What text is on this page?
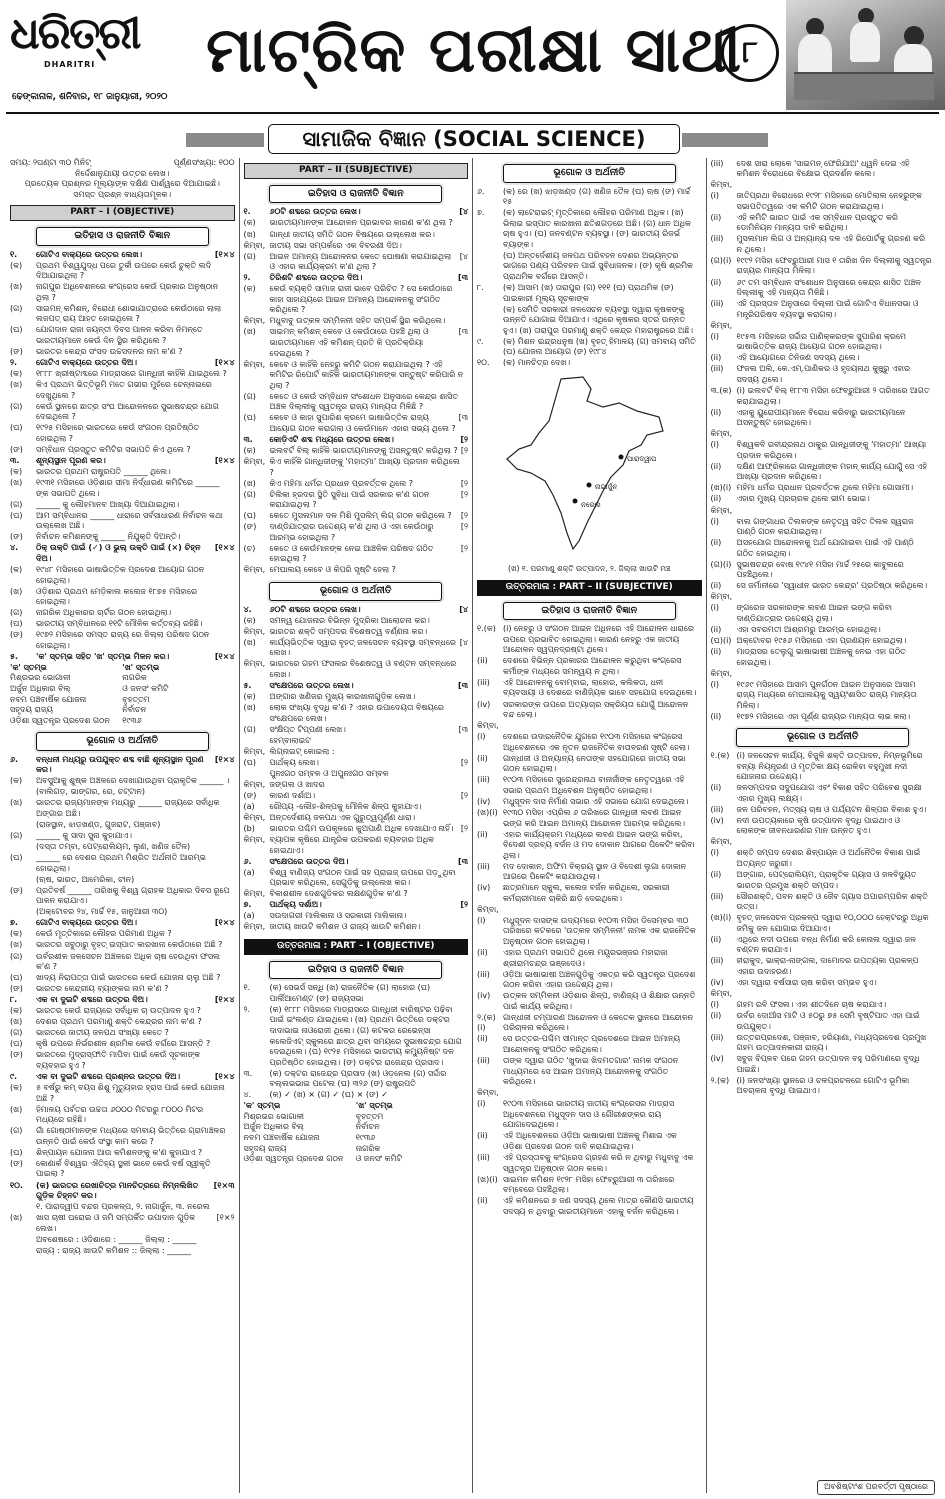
ଧରିତ୍ରୀ
DHARITRI
ଢେଙ୍କାନାଳ, ଶନିବାର, ୧୮ ଜାନୁୟାରୀ, ୨୦୨୦
ମାଟ୍ରିକ ପରୀକ୍ଷା ସାଥୀ ୮
ସାମାଜିକ ବିଜ୍ଞାନ (SOCIAL SCIENCE)
ସମୟ: ୨ଘଣ୍ଟା ୩୦ ମିନିଟ୍	ପୂର୍ଣ୍ଣସଂଖ୍ୟା: ୧୦୦
ନିର୍ଦ୍ଦେଶାନୁଯାୟୀ ଉତ୍ତର ଲେଖ।
ପ୍ରତ୍ୟେକ ପ୍ରଶ୍ନର ମୂଲ୍ୟାଙ୍କ ଦକ୍ଷିଣ ପାର୍ଶ୍ୱରେ ଦିଆଯାଇଛି।
ସମସ୍ତ ପ୍ରଶ୍ନ ବାଧ୍ୟତାମୂଳକ।
PART – I (OBJECTIVE)
ଇତିହାସ ଓ ରାଜନୀତି ବିଜ୍ଞାନ
୧.	ଗୋଟିଏ ବାକ୍ୟରେ ଉତ୍ତର ଲେଖ।	[୧×୪
(କ)	ପ୍ରଥମ ବିଶ୍ୱଯୁଦ୍ଧ ପରେ ତୁର୍କୀ ଉପରେ କେଉଁ ଚୁକ୍ତି ଲଦି ଦିଆଯାଇଥିଲା ?
(ଖ)	ନାଗପୁର ଅଧିବେଶନରେ କଂଗ୍ରେସ କେଉଁ ପ୍ରକାର ଅନୁଷ୍ଠାନ ଥିଲା ?
(ଗ)	ସାଇମନ୍ କମିଶନ୍, ବିରୋଧୀ ଶୋଭାଯାତ୍ରାରେ କେଉଁଠାରେ ଲାଲା ଲଜପତ୍ ରାୟ ଆହତ ହୋଇଥିଲେ ?
(ଘ)	ଯୋଗଦାନ ରାଜା ଜୟନ୍ତୀ ଦିବସ ପାଳନ କରିବା ନିମନ୍ତେ ଭାରତୀୟମାନେ କେଉଁ ଦିନ ସ୍ଥିର କରିଥିଲେ ?
(ଙ)	ଭାରତର କେନ୍ଦ୍ର ସଂସଦ ଉଚ୍ଚସଦନର ନାମ କ'ଣ ?
୨.	ଗୋଟିଏ ବାକ୍ୟରେ ଉତ୍ତର ଦିଅ।	[୧×୪
(କ)	୧୮୮୮ ଖ୍ରୀଷ୍ଟାବ୍ଦରେ ମାଡ୍ରାସରେ ଗାନ୍ଧିଜୀ କାହିଁକି ଯାଇଥିଲେ ?
(ଖ)	କିଏ ପ୍ରଥମ ଭିତ୍ତିଭୂମି ମତେ ଗଭୀର ମୁହଁରେ ଚେନ୍ନାଇରେ ଦେଖୁଥିଲେ ?
(ଗ)	କେଉଁ ସ୍ଥାନରେ ଛାତ୍ର ସଂଘ ଆନ୍ଦୋଳନରେ ସୁଭାଷଚନ୍ଦ୍ର ଯୋଗ ଦେଇଥିଲେ ?
(ଘ)	୧୯୨୫ ମସିହାରେ ଭାରତରେ କେଉଁ ସଂଗଠନ ପ୍ରତିଷ୍ଠିତ ହୋଇଥିଲା ?
(ଙ)	ସମ୍ବିଧାନ ପ୍ରସ୍ତୁତ କମିଟିର ସଭାପତି କିଏ ଥିଲେ ?
୩.	ଶୂନ୍ୟସ୍ଥାନ ପୂରଣ କର।	[୧×୪
(କ)	ଭାରତର ପ୍ରଥମ ରାଷ୍ଟ୍ରପତି ______ ଥିଲେ।
(ଖ)	୧୯୩୧ ମସିହାରେ ଓଡ଼ିଶାର ସୀମା ନିର୍ଦ୍ଧାରଣ କମିଟିରେ ______ ଙ୍କ ସଭାପତି ଥିଲେ।
(ଗ)	______ କୁ ଲୌହମାନବ ଆଖ୍ୟା ଦିଆଯାଇଥିଲା।
(ଘ)	ଆମ ସମ୍ବିଧାନର ______ ଧାରାରେ ସର୍ବସାଧାରଣ ନିର୍ବାଚନ କଥା ଉଲ୍ଲେଖ ଅଛି।
(ଙ)	ନିର୍ବାଚନ କମିଶନଙ୍କୁ ______ ନିଯୁକ୍ତି ଦିଅନ୍ତି।
୪.	ଠିକ୍ ଉକ୍ତି ପାଇଁ (✓) ଓ ଭୁଲ୍ ଉକ୍ତି ପାଇଁ (×) ଚିହ୍ନ ଦିଅ।
[୧×୪
(କ)	୧୯୪୮ ମସିହାରେ ଭାଷାଭିତ୍ତିକ ପ୍ରଦେଶ ଆୟୋଗ ଗଠନ ହୋଇଥିଲା।
(ଖ)	ଓଡ଼ିଶାର ପ୍ରଥମ ମେଡ଼ିକାଲ କଲେଜ ୧୮୭୫ ମସିହାରେ ହୋଇଥିଲା।
(ଗ)	ନାଗରିକ ଅଧିକାରର ଚାର୍ଟର ଗଠନ ହୋଇଥିଲା।
(ଘ)	ଭାରତୀୟ ସମ୍ବିଧାନରେ ୧୧ଟି ମୌଳିକ କର୍ତ୍ତବ୍ୟ ରହିଛି।
(ଙ)	୧୯୭୨ ମସିହାରେ ସମସ୍ତ ରାଜ୍ୟ ରେ ଜିଲ୍ଲା ପରିଷଦ ଗଠନ ହୋଇଥିଲା।
୫.	'କ' ସ୍ତମ୍ଭ ସହିତ 'ଖ' ସ୍ତମ୍ଭ ମିଳନ କର।	[୧×୪
'କ' ସ୍ତମ୍ଭ	'ଖ' ସ୍ତମ୍ଭ
ମିଶ୍ରଭର ଭୋଗାଳୀ	ନାଗରିକ
ଅର୍ଜୁନ ଅଧିକାର ବିଲ୍	ଓ ଜନସଂ କମିଟି
ନବମ ପଞ୍ଚବାର୍ଷିକ ଯୋଜନା	ବୃହତ୍ତମ
ସହୃଦୟ ରାଜ୍ୟ	ନିର୍ବାଚନ
ଓଡ଼ିଶା ସ୍ୱତନ୍ତ୍ର ପ୍ରଦେଶ ଗଠନ	୧୯୩୬
ଭୂଗୋଳ ଓ ଅର୍ଥନୀତି
୬.	ବନ୍ଧନୀ ମଧ୍ୟରୁ ଉପଯୁକ୍ତ ଶବ୍ଦ ବାଛି ଶୂନ୍ୟସ୍ଥାନ ପୂରଣ କର।
[୧×୪
(କ)	ଅବସୁଆକୁ ଶୁଷ୍କ ଅଞ୍ଚଳରେ ଦେଖାଯାଉଥିବା ପ୍ରାକୃତିକ ______ ।
(ବାଲିଗଡ଼, ଭାଙ୍ଗର, ରେ, ଚଟ୍ଟାନ)
(ଖ)	ଭାରତର ରାଜ୍ୟମାନଙ୍କ ମଧ୍ୟରୁ ______ ରାଜ୍ୟରେ ସର୍ବାଧିକ ଅଙ୍ଗାର ଅଛି।
(ରାଜସ୍ଥାନ, ଝାଡ଼ଖଣ୍ଡ, ଗୁଜରାଟ, ପଞ୍ଜାବ)
(ଗ)	______ କୁ ସାଦା ସୁନା କୁହାଯାଏ।
(ଦସ୍ତା ତମ୍ବା, ପେଟ୍ରୋଲିୟମ, ଲୁଣ, ଖଣିଜ ତୈଳ)
(ଘ)	______ ରେ ଦେଶର ପ୍ରଥମ ମିଶ୍ରିତ ଅର୍ଥନୀତି ଆରମ୍ଭ ହୋଇଥିଲା।
(ଋଷ, ଭାରତ, ଆମେରିକା, ଚୀନ)
(ଙ)	ପ୍ରତିବର୍ଷ ______ ତାରିଖକୁ ବିଶ୍ୱ ଗ୍ରାହକ ଅଧିକାର ଦିବସ ରୂପେ ପାଳନ କରାଯାଏ।
(ଅକ୍ଟୋବର ୨୪, ମାର୍ଚ୍ଚ ୧୫, ଜାନୁଆରୀ ୩୦)
୭.	ଗୋଟିଏ ବାକ୍ୟରେ ଉତ୍ତର ଦିଅ।	[୧×୪
(କ)	କେଉଁ ମୃତ୍ତିକାରେ ଲୌହର ପରିମାଣ ଅଧିକ ?
(ଖ)	ଭାରତର ସବୁଠାରୁ ବୃହତ୍ ଇସ୍ପାତ କାରଖାନା କେଉଁଠାରେ ଅଛି ?
(ଗ)	ଉର୍ବରଶୀଳ ଜଳସେଚନ ଅଞ୍ଚଳରେ ଅଧିକ ଚାଷ ହେଉଥିବା ଫସଲ କ'ଣ ?
(ଘ)	ଖାଦ୍ୟ ନିରାପତ୍ତା ପାଇଁ ଭାରତରେ କେଉଁ ଯୋଜନା ଚାଲୁ ଅଛି ?
(ଙ)	ଭାରତର କେନ୍ଦ୍ରୀୟ ବ୍ୟାଙ୍କର ନାମ କ'ଣ ?
୮.	ଏକ ବା ଦୁଇଟି ଶବ୍ଦରେ ଉତ୍ତର ଦିଅ।	[୧×୪
(କ)	ଭାରତର କେଉଁ ରାଜ୍ୟରେ ସର୍ବାଧିକ ଚା ଉତ୍ପାଦନ ହୁଏ ?
(ଖ)	ଦେଶର ପ୍ରଥମ ପରମାଣୁ ଶକ୍ତି କେନ୍ଦ୍ରର ନାମ କ'ଣ ?
(ଗ)	ଭାରତରେ ଜାତୀୟ ଜଳପଥ ସଂଖ୍ୟା କେତେ ?
(ଘ)	କୃଷି ଉପରେ ନିର୍ଭରଶୀଳ ଶ୍ରମିକ କେଉଁ ବର୍ଗରେ ଆସନ୍ତି ?
(ଙ)	ଭାରତରେ ମୁଦ୍ରାସ୍ଫୀତି ମାପିବା ପାଇଁ କେଉଁ ସୂଚକାଙ୍କ ବ୍ୟବହାର ହୁଏ ?
୯.	ଏକ ବା ଦୁଇଟି ଶବ୍ଦରେ ପ୍ରଶ୍ନର ଉତ୍ତର ଦିଅ।	[୧×୪
(କ)	୫ ବର୍ଷରୁ କମ୍ ବୟସ ଶିଶୁ ମୃତ୍ୟୁହାର ହ୍ରାସ ପାଇଁ କେଉଁ ଯୋଜନା ଅଛି ?
(ଖ)	ହିମାଳୟ ପର୍ବତର ଉଚ୍ଚତା ୬୦୦୦ ମିଟରରୁ ୮୦୦୦ ମିଟର ମଧ୍ୟରେ ରହିଛି।
(ଗ)	ଗାଁ ଗୋଷ୍ଠୀମାନଙ୍କ ମଧ୍ୟରେ ସମବାୟ ଭିତ୍ତିରେ ଗ୍ରାମାଞ୍ଚଳର ଉନ୍ନତି ପାଇଁ କେଉଁ ସଂସ୍ଥା କାମ କରେ ?
(ଘ)	ଶିଳ୍ପାୟନ ଯୋଜନା ଆଉ କମିଶନଙ୍କୁ କ'ଣ କୁହାଯାଏ ?
(ଙ)	କୋଣାର୍କ ବିଶ୍ୱର ଐତିହ୍ୟ ସ୍ଥଳୀ ଭାବେ କେଉଁ ବର୍ଷ ସ୍ୱୀକୃତି ପାଇଲା ?
୧୦.	(କ) ଭାରତର ରେଖାଚିତ୍ର ମାନଚିତ୍ରରେ ନିମ୍ନଲିଖିତ ଗୁଡ଼ିକ ଚିହ୍ନଟ କର।
[୧×୩
୧. ପାରାଦ୍ୱୀପ ବନ୍ଦର ପ୍ରକଳ୍ପ, ୨. ନାଗାର୍ଜୁନ, ୩. ନରେଲ
(ଖ)	ଖାସ ଚାଷୀ ଘରୋଇ ଓ ଜମି ସମ୍ପର୍କିତ ଉପାଦାନ ଗୁଡ଼ିକ ଲେଖ।
[୧×୨
ଅବଶେଷରେ : ଓଡ଼ିଶାରେ : ______ ଜିଲ୍ଲା : ______
ରାଜ୍ୟ : ରାଜ୍ୟ ଖାଉଟି କମିଶନ :: ଜିଲ୍ଲା : ______
PART – II (SUBJECTIVE)
ଇତିହାସ ଓ ରାଜନୀତି ବିଜ୍ଞାନ
୧.	୬୦ଟି ଶବ୍ଦରେ ଉତ୍ତର ଲେଖ।	[୪
(କ)	ଭାରତୀୟମାନଙ୍କ ଆନ୍ଦୋଳନ ପ୍ରଭାବର କାରଣ କ'ଣ ଥିଲା ?
(ଖ)	ଗାନ୍ଧୀ ଜାତୀୟ ସମିତି ଗଠନ ବିଷୟରେ ଉଲ୍ଲେଖ କର।
କିମ୍ବା, ଜାତୀୟ ସଭା ସମ୍ପର୍କରେ ଏକ ବିବରଣୀ ଦିଅ।
(ଗ)	ଆଇନ ଅମାନ୍ୟ ଆନ୍ଦୋଳନର କେତେ ଘୋଷଣା କରାଯାଇଥିଲା ଓ ଏହାର କାର୍ଯ୍ୟକ୍ରମ କ'ଣ ଥିଲା ?
[୪
୨.	ତିରିଶଟି ଶବ୍ଦରେ ଉତ୍ତର ଦିଅ।	[୩
(କ)	କେଉଁ ବ୍ୟକ୍ତି ସାମାଜ ରାଜୀ ଭାବେ ପରିଚିତ ? ସେ କେଉଁଠାରେ କାହା ସାହାଯ୍ୟରେ ଆଇନ ଅମାନ୍ୟ ଆନ୍ଦୋଳନକୁ ସଂଗଠିତ କରିଥିଲେ ?
କିମ୍ବା, ମଧୁବାବୁ ଉତ୍କଳ ସମ୍ମିଳନୀ ସହିତ ସମ୍ପର୍କ ସ୍ଥିର କରିଥିଲେ।
(ଖ)	ସାଇମନ୍ କମିଶନ୍ କେବେ ଓ କେଉଁଠାରେ ପହଞ୍ଚି ଥିଲା ଓ ଭାରତୀୟମାନେ ଏହି କମିଶନ୍ ପ୍ରତି କି ପ୍ରତିକ୍ରିୟା ଦେଇଥିଲେ ?
[୩
କିମ୍ବା, କେବେ ଓ କାହିଁକି ନେହରୁ କମିଟି ଗଠନ କରାଯାଇଥିଲା ? ଏହି କମିଟିର ରିପୋର୍ଟ କାହିଁକି ଭାରତୀୟମାନଙ୍କ ସନ୍ତୁଷ୍ଟ କରିପାରି ନ ଥିଲା ?
(ଗ)	କେତେ ଓ କେଉଁ ସମ୍ବିଧାନ ସଂଶୋଧନ ଅନୁସାରେ କେନ୍ଦ୍ର ଶାସିତ ଅଞ୍ଚଳ ଦିଲ୍ଲୀକୁ ସ୍ୱତନ୍ତ୍ର ରାଜ୍ୟ ମାନ୍ୟତା ମିଳିଛି ?
(ଘ)	କେବେ ଓ କାହା ସୁପାରିଶ କ୍ରମେ ଭାଷାଭିତ୍ତିକ ରାଜ୍ୟ ଆୟୋଗ ଗଠନ କରାଗଲା ଓ କେଉଁମାନେ ଏହାର ସଭ୍ୟ ଥିଲେ ?
[୩
୩.	କୋଡ଼ିଏଟି ଶବ୍ଦ ମଧ୍ୟରେ ଉତ୍ତର ଲେଖ।	[୨
(କ)	ଇଲବର୍ଟ ବିଲ୍ କାହିଁକି ଭାରତୀୟମାନଙ୍କୁ ଅସନ୍ତୁଷ୍ଟ କରିଥିଲା ? [୨
କିମ୍ବା, କିଏ କାହିଁକି ଗାନ୍ଧିଜୀଙ୍କୁ 'ମହାତ୍ମା' ଆଖ୍ୟା ପ୍ରଦାନ କରିଥିଲେ ?
(ଖ)	କିଏ ମହିମା ଧର୍ମର ପ୍ରଧାନ ପ୍ରବର୍ତ୍ତକ ଥିଲେ ?	[୨
(ଗ)	ଚିଲିକା ହ୍ରଦର ସ୍ଥିତି ସୁବିଧା ପାଇଁ ସରକାର କ'ଣ ଗଠନ କରାଯାଇଥିଲା ?
[୨
(ଘ)	କେତେ ମୁସଲମାନ ଦଳ ମିଶି ମୁସଲିମ୍ ଲିଗ୍ ଗଠନ କରିଥିଲେ ?	[୨
(ଙ)	ଦାଣ୍ଡିଯାତ୍ରାର ଉଦ୍ଦେଶ୍ୟ କ'ଣ ଥିଲା ଓ ଏହା କେଉଁଠାରୁ ଆରମ୍ଭ ହୋଇଥିଲା ?
[୨
(ଚ)	କେତେ ଓ କେଉଁମାନଙ୍କ ନେଇ ଆଞ୍ଚଳିକ ପରିଷଦ ଗଠିତ ହୋଇଥିଲା ?
[୨
କିମ୍ବା, ମେଘାଲୟ କେବେ ଓ କିପରି ସୃଷ୍ଟି ହେଲା ?
ଭୂଗୋଳ ଓ ଅର୍ଥନୀତି
୪.	୬୦ଟି ଶବ୍ଦରେ ଉତ୍ତର ଲେଖ।	[୪
(କ)	ସମନ୍ୱ ଯୋଜନାର ବିଭିନ୍ନ ମୁଦ୍ରିକା ଆଲୋଚନା କର।
କିମ୍ବା, ଭାରତର ଶକ୍ତି ସମ୍ପଦର ବିଶେଷତ୍ୱ ବର୍ଣ୍ଣନା କର।
(ଖ)	କାର୍ଯ୍ୟଭିତ୍ତିକ ଦ୍ୱାରା ବୃହତ୍ ଜଳସେଚନ ବ୍ୟବସ୍ଥା ସମ୍ବନ୍ଧରେ ଲେଖ।
[୪
କିମ୍ବା, ଭାରତରେ ଗହମ ଫସଲର ବିଶେଷତ୍ୱ ଓ ବଣ୍ଟନ ସମ୍ବନ୍ଧରେ ଲେଖ।
୫.	ସଂକ୍ଷେପରେ ଉତ୍ତର ଲେଖ।	[୩
(କ)	ଅଙ୍ଗାର ଖଣିଜର ମୁଖ୍ୟ କାରଖାନାଗୁଡ଼ିକ ଲେଖ।
(ଖ)	ଲୋକ ସଂଖ୍ୟା ବୃଦ୍ଧି କ'ଣ ? ଏହାର ଉପାଦେୟତା ବିଷୟରେ ସଂକ୍ଷେପରେ ଲେଖ।
(ଗ)	ସଂକ୍ଷିପ୍ତ ଟିପ୍ପଣୀ ଲେଖ।	[୩
ହେମ୍ବାଲାଇଟ
କିମ୍ବା, ଲିଗ୍ନାଇଟ୍ କୋଇଲା :
(ଘ)	ପାର୍ଥକ୍ୟ ଲେଖ।	[୨
ପୁନଃଗଠ ସମ୍ବଳ ଓ ଅପୁନଃଗଠ ସମ୍ବଳ
କିମ୍ବା, ଜଙ୍ଗଲ ଓ ଖାଦର
(ଙ)	କାରଣ ଦର୍ଶାଅ।	[୨
(a)	ରୌପ୍ୟ -ଲୌହ-ଶିଳ୍ପକୁ ମୌଳିକ ଶିଳ୍ପ କୁହାଯାଏ।
କିମ୍ବା, ଅନ୍ତର୍ଦେଶୀୟ ଜଳପଥ ଏକ ଗୁରୁତ୍ୱପୂର୍ଣ୍ଣ ଧାରା।
(b)	ଭାରତର ପଶ୍ଚିମ ଉପକୂଳରେ କୁଅପାଣି ଅଧିକ ଦେଖାଯାଏ ନାହିଁ। [୨
କିମ୍ବା, ବ୍ୟାପକ କୃଷିରେ ଯାନ୍ତ୍ରିକ ଉପକରଣ ବ୍ୟବହାର ଅଧିକ ହୋଇଥାଏ।
୬.	ସଂକ୍ଷେପରେ ଉତ୍ତର ଦିଅ।	[୩
(a)	ବିଶ୍ୱ ବାଣିଜ୍ୟ ସଂଗଠନ ପାଇଁ ସହ ପ୍ରାଇଜ୍ ଉପରେ ପଡ଼ୁଥିବା ପ୍ରଭାବ କରିଥିଲେ, ସେଗୁଡ଼ିକୁ ଉଲ୍ଲେଖ କର।
କିମ୍ବା, ବିକାଶଶୀଳ ଦେଶଗୁଡ଼ିକର ଲକ୍ଷଣଗୁଡ଼ିକ କ'ଣ ?
୭.	ପାର୍ଥକ୍ୟ ଦର୍ଶାଅ।	[୨
(a)	ସଉଦାଗରୀ ମାଲିକାନା ଓ ସରକାରୀ ମାଲିକାନା।
କିମ୍ବା, ଜାତୀୟ ଖାଉଟି କମିଶନ ଓ ରାଜ୍ୟ ଖାଉଟି କମିଶନ।
ଉତ୍ତରମାଳା : PART – I (OBJECTIVE)
ଇତିହାସ ଓ ରାଜନୀତି ବିଜ୍ଞାନ
୧.	(କ) ସେଭର୍ସ ସନ୍ଧି (ଖ) ରାଜନୈତିକ (ଗ) ଲାହୋର (ଘ) ପାର୍ଲିଆମେଣ୍ଟ (ଙ) ରାଜ୍ୟସଭା
୨.	(କ) ୧୮୮୮ ମସିହାରେ ମାଡ୍ରାସରେ ଗାନ୍ଧିଜୀ ବାରିଷ୍ଟର ପଢ଼ିବା ପାଇଁ ଇଂଲଣ୍ଡ ଯାଇଥିଲେ। (ଖ) ପ୍ରଥମ ଭିତ୍ତିରେ ଡକ୍ଟର ଦାଦାଭାଇ ନାଓରୋଜୀ ଥିଲେ। (ଗ) କଟକର ରେଭେନ୍ସା କଲେଜିଏଟ୍ ସ୍କୁଲରେ ଛାତ୍ର ଥିବା ସମୟରେ ସୁଭାଷଚନ୍ଦ୍ର ଯୋଗ ଦେଇଥିଲେ। (ଘ) ୧୯୨୫ ମସିହାରେ ଭାରତୀୟ କମ୍ୟୁନିଷ୍ଟ ଦଳ ପ୍ରତିଷ୍ଠିତ ହୋଇଥିଲା। (ଙ) ଡକ୍ଟର ରାଜେନ୍ଦ୍ର ପ୍ରସାଦ।
୩.	(କ) ଡକ୍ଟର ରାଜେନ୍ଦ୍ର ପ୍ରସାଦ (ଖ) ଓଡ଼ନେଲ (ଗ) ସର୍ଦ୍ଦାର ବଲ୍ଲଭଭାଇ ପଟେଲ (ଘ) ୩୨୬ (ଙ) ରାଷ୍ଟ୍ରପତି
୪.	(କ) ✓ (ଖ) × (ଗ) ✓ (ଘ) × (ଙ) ✓
'କ' ସ୍ତମ୍ଭ	'ଖ' ସ୍ତମ୍ଭ
ମିଶ୍ରଭର ଭୋଗାଳୀ	ବୃହତ୍ତମ
ଅର୍ଜୁନ ଅଧିକାର ବିଲ୍	ନିର୍ବାଚନ
ନବମ ପଞ୍ଚବାର୍ଷିକ ଯୋଜନା	୧୯୩୬
ସହୃଦୟ ରାଜ୍ୟ	ନାଗରିକ
ଓଡ଼ିଶା ସ୍ୱତନ୍ତ୍ର ପ୍ରଦେଶ ଗଠନ	ଓ ଜନସଂ କମିଟି
ଭୂଗୋଳ ଓ ଅର୍ଥନୀତି
୬.	(କ) ରେ (ଖ) ଝାଡ଼ଖଣ୍ଡ (ଗ) ଖଣିଜ ତୈଳ (ଘ) ଋଷ (ଙ) ମାର୍ଚ୍ଚ ୧୫
୭.	(କ) ଲାଟେରାଇଟ୍ ମୃତ୍ତିକାରେ ଲୌହର ପରିମାଣ ଅଧିକ। (ଖ) ଭିଲାଇ ଇସ୍ପାତ କାରଖାନା ଛତିଶଗଡ଼ରେ ଅଛି। (ଗ) ଧାନ ଅଧିକ ଚାଷ ହୁଏ। (ଘ) ଜନବଣ୍ଟନ ବ୍ୟବସ୍ଥା। (ଙ) ଭାରତୀୟ ରିଜର୍ଭ ବ୍ୟାଙ୍କ।
(ଘ) ଅନ୍ତର୍ଦେଶୀୟ ଜଳପଥ ପରିବହନ ଦେଶର ଅଭ୍ୟନ୍ତର ଭାଗରେ ପଣ୍ୟ ପରିବହନ ପାଇଁ ସୁବିଧାଜନକ। (ଙ) କୃଷି ଶ୍ରମିକ ପ୍ରାଥମିକ ବର୍ଗରେ ଆସନ୍ତି।
୮.	(କ) ଆସାମ (ଖ) ତାରାପୁର (ଗ) ୧୧୧ (ଘ) ପ୍ରାଥମିକ (ଙ) ପାଇକାରୀ ମୂଲ୍ୟ ସୂଚକାଙ୍କ
(କ) ସେମିତି ସରକାରୀ ଜଳସେଚନ ବ୍ୟବସ୍ଥା ଦ୍ୱାରା କୃଷକଙ୍କୁ ଉନ୍ନତି ଯୋଗାଇ ଦିଆଯାଏ। ଏଥିରେ କୃଷକର ସ୍ତର ଉନ୍ନତ ହୁଏ। (ଖ) ତାରାପୁର ପରମାଣୁ ଶକ୍ତି କେନ୍ଦ୍ର ମହାରାଷ୍ଟ୍ରରେ ଅଛି।
୯.	(କ) ମିଶନ ଇନ୍ଦ୍ରଧନୁଷ (ଖ) ବୃହତ୍ ହିମାଳୟ (ଗ) ସମବାୟ ସମିତି (ଘ) ଯୋଜନା ଆୟୋଗ (ଙ) ୧୯୮୪
୧୦.	(କ) ମାନଚିତ୍ର ଦେଖ।
ନାଗାର୍ଜୁନ
ପାରାଦ୍ୱୀପ
ନରେଲ
(ଖ) ୧. ପରମାଣୁ ଶକ୍ତି ଉତ୍ପାଦନ, ୨. ଜିଲ୍ଲା ଖାଉଟି ମଞ୍ଚ
ଉତ୍ତରମାଳା : PART – II (SUBJECTIVE)
ଇତିହାସ ଓ ରାଜନୀତି ବିଜ୍ଞାନ
୧.(କ) (i) ନେହରୁ ଓ ସଂଗଠନ ଆଇନ ଅଧିନରେ ଏହି ଆନ୍ଦୋଳନ ଧାରାରେ ଉପରେ ପ୍ରଭାବିତ ହୋଇଥିଲା। କାରଣ ନେହରୁ ଏକ ଜାତୀୟ ଆନ୍ଦୋଳନ ସ୍ୱପ୍ନଦ୍ରଷ୍ଟା ଥିଲେ।
(ii)	ଦେଶରେ ବିଭିନ୍ନ ପ୍ରକାରର ଆନ୍ଦୋଳନ କରୁଥିବା କଂଗ୍ରେସ କର୍ମୀଙ୍କ ମଧ୍ୟରେ ସମନ୍ୱୟ ନ ଥିଲା।
(iii)	ଏହି ଆନ୍ଦୋଳନକୁ ବୋମ୍ବାଇ, ଲାହୋର, କଲିକତା, ଧନୀ ବ୍ୟବସାୟୀ ଓ ଦେଶରେ ବାଣିଜ୍ୟିକ ଭାବେ ସହଯୋଗ ଦେଇଥିଲେ।
(iv)	ସରକାରଙ୍କ ଉପରେ ଅତ୍ୟାଚାର ସକ୍ରିୟତା ଯୋଗୁଁ ଆନ୍ଦୋଳନ ବନ୍ଦ ହେଲା।
କିମ୍ବା,
(i)	ଦେଶରେ ଉଦାରନୈତିକ ଯୁଗରେ ୧୯୦୩ ମସିହାରେ କଂଗ୍ରେସ ଅଧିବେଶନରେ ଏକ ନୂତନ ରାଜନୈତିକ ବାତାବରଣ ସୃଷ୍ଟି ହେଲା।
(ii)	ଗାନ୍ଧୀଜୀ ଓ ଅନ୍ୟାନ୍ୟ ନେତାଙ୍କ ସହଯୋଗରେ ଜାତୀୟ ସଭା ଗଠନ ହୋଇଥିଲା।
(iii)	୧୯୦୩ ମସିହାରେ ସୁରେନ୍ଦ୍ରନାଥ ବାନାର୍ଜୀଙ୍କ ନେତୃତ୍ୱରେ ଏହି ସଭାର ପ୍ରଥମ ଅଧିବେଶନ ଅନୁଷ୍ଠିତ ହୋଇଥିଲା।
(iv)	ମଧୁସୂଦନ ଦାସ ନିର୍ମାଣ ସଭାର ଏହି ସଭାରେ ଯୋଗ ଦେଇଥିଲେ।
(ଖ)(i) ୧୯୩୦ ମସିହା ଏପ୍ରିଲ ୬ ତାରିଖରେ ଗାନ୍ଧିଜୀ ଲବଣ ଆଇନ ଭଙ୍ଗ କରି ଆଇନ ଅମାନ୍ୟ ଆନ୍ଦୋଳନ ଆରମ୍ଭ କରିଥିଲେ।
(ii)	ଏହାର କାର୍ଯ୍ୟକ୍ରମ ମଧ୍ୟରେ ଲବଣ ଆଇନ ଭଙ୍ଗ କରିବା, ବିଦେଶୀ ଦ୍ରବ୍ୟ ବର୍ଜନ ଓ ମଦ ଦୋକାନ ଆଗରେ ପିକେଟିଂ କରିବା ଥିଲା।
(iii)	ମଦ ଦୋକାନ, ଅଫିମ ବିକ୍ରୟ ସ୍ଥାନ ଓ ବିଦେଶୀ ଲୁଗା ଦୋକାନ ଆଗରେ ପିକେଟିଂ କରାଯାଉଥିଲା।
(iv)	ଛାତ୍ରମାନେ ସ୍କୁଲ, କଲେଜ ବର୍ଜନ କରିଥିଲେ, ସରକାରୀ କର୍ମଚାରୀମାନେ ଚାକିରି ଛାଡ଼ି ଦେଇଥିଲେ।
କିମ୍ବା,
(i)	ମଧୁସୂଦନ ଦାସଙ୍କ ଉଦ୍ୟମରେ ୧୯୦୩ ମସିହା ଡିସେମ୍ବର ୩୦ ତାରିଖରେ କଟକରେ 'ଉତ୍କଳ ସମ୍ମିଳନୀ' ନାମକ ଏକ ରାଜନୈତିକ ଅନୁଷ୍ଠାନ ଗଠନ ହୋଇଥିଲା।
(ii)	ଏହାର ପ୍ରଥମ ସଭାପତି ଥିଲେ ମୟୂରଭଞ୍ଜର ମହାରାଜା ଶ୍ରୀରାମଚନ୍ଦ୍ର ଭଞ୍ଜଦେଓ।
(iii)	ଓଡ଼ିଆ ଭାଷାଭାଷୀ ଅଞ୍ଚଳଗୁଡ଼ିକୁ ଏକତ୍ର କରି ସ୍ୱତନ୍ତ୍ର ପ୍ରଦେଶ ଗଠନ କରିବା ଏହାର ଉଦ୍ଦେଶ୍ୟ ଥିଲା।
(iv)	ଉତ୍କଳ ସମ୍ମିଳନୀ ଓଡ଼ିଶାର ଶିଳ୍ପ, ବାଣିଜ୍ୟ ଓ ଶିକ୍ଷାର ଉନ୍ନତି ପାଇଁ କାର୍ଯ୍ୟ କରିଥିଲା।
୨.(କ)(i)
ଗାନ୍ଧୀଜୀ ଚମ୍ପାରଣ ଆନ୍ଦୋଳନ ଓ କେତେକ ସ୍ଥାନରେ ଆନ୍ଦୋଳନ ପରିଚାଳନା କରିଥିଲେ।
(ii)	ସେ ଉତ୍ତର-ପଶ୍ଚିମ ସୀମାନ୍ତ ପ୍ରଦେଶରେ ଆଇନ ଅମାନ୍ୟ ଆନ୍ଦୋଳନକୁ ସଂଗଠିତ କରିଥିଲେ।
(iii)	ତାଙ୍କ ଦ୍ୱାରା ଗଠିତ 'ଖୁଦାଇ ଖିଦମତଗାର' ନାମକ ସଂଗଠନ ମାଧ୍ୟମରେ ସେ ଆଇନ ଅମାନ୍ୟ ଆନ୍ଦୋଳନକୁ ସଂଗଠିତ କରିଥିଲେ।
କିମ୍ବା,
(i)	୧୯୦୩ ମସିହାରେ ଭାରତୀୟ ଜାତୀୟ କଂଗ୍ରେସର ମାଡ୍ରାସ ଅଧିବେଶନରେ ମଧୁସୂଦନ ଦାସ ଓ ଗୌରୀଶଙ୍କର ରାୟ ଯୋଗଦେଇଥିଲେ।
(ii)	ଏହି ଅଧିବେଶନରେ ଓଡ଼ିଆ ଭାଷାଭାଷୀ ଅଞ୍ଚଳକୁ ମିଶାଇ ଏକ ଓଡ଼ିଶା ପ୍ରଦେଶ ଗଠନ ଦାବି କରାଯାଇଥିଲା।
(iii)	ଏହି ପ୍ରସ୍ତାବକୁ କଂଗ୍ରେସ ଗ୍ରହଣ କରି ନ ଥିବାରୁ ମଧୁବାବୁ ଏକ ସ୍ୱତନ୍ତ୍ର ଅନୁଷ୍ଠାନ ଗଠନ କଲେ।
(ଖ)(i) ସାଇମନ କମିଶନ ୧୯୨୮ ମସିହା ଫେବ୍ରୁଆରୀ ୩ ତାରିଖରେ ବମ୍ବେରେ ପହଞ୍ଚିଥିଲା।
(ii)	ଏହି କମିଶନରେ ୭ ଜଣ ସଦସ୍ୟ ଥିଲେ ମାତ୍ର କୌଣସି ଭାରତୀୟ ସଦସ୍ୟ ନ ଥିବାରୁ ଭାରତୀୟମାନେ ଏହାକୁ ବର୍ଜନ କରିଥିଲେ।
(iii)	ଦେଶ ସାରା ଲୋକେ 'ସାଇମନ୍ ଫେରିଯାଅ' ଧ୍ୱନି ଦେଇ ଏହି କମିଶନ ବିରୋଧରେ ବିକ୍ଷୋଭ ପ୍ରଦର୍ଶନ କଲେ।
କିମ୍ବା,
(i)	ଜାତିପ୍ରଥା ବିରୋଧରେ ୧୯୨୮ ମସିହାରେ ମୋତିଲାଲ ନେହରୁଙ୍କ ସଭାପତିତ୍ୱରେ ଏକ କମିଟି ଗଠନ କରାଯାଇଥିଲା।
(ii)	ଏହି କମିଟି ଭାରତ ପାଇଁ ଏକ ସମ୍ବିଧାନ ପ୍ରସ୍ତୁତ କରି ଡୋମିନିୟନ ମାନ୍ୟତା ଦାବି କରିଥିଲା।
(iii)	ମୁସଲମାନ ଲିଗ ଓ ଅନ୍ୟାନ୍ୟ ଦଳ ଏହି ରିପୋର୍ଟକୁ ଗ୍ରହଣ କରି ନ ଥିଲେ।
(ଗ)(i) ୧୯୯୨ ମସିହା ଫେବ୍ରୁଆରୀ ମାସ ୧ ତାରିଖ ଦିନ ଦିଲ୍ଲୀକୁ ସ୍ୱତନ୍ତ୍ର ରାଜ୍ୟର ମାନ୍ୟତା ମିଳିଲା।
(ii)	୬୯ ତମ ସମ୍ବିଧାନ ସଂଶୋଧନ ଅନୁସାରେ କେନ୍ଦ୍ର ଶାସିତ ଅଞ୍ଚଳ ଦିଲ୍ଲୀକୁ ଏହି ମାନ୍ୟତା ମିଳିଛି।
(iii)	ଏହି ପ୍ରସ୍ତାବ ଅନୁସାରେ ଦିଲ୍ଲୀ ପାଇଁ ଗୋଟିଏ ବିଧାନସଭା ଓ ମନ୍ତ୍ରିପରିଷଦ ବ୍ୟବସ୍ଥା କରାଗଲା।
କିମ୍ବା,
(i)	୧୯୫୩ ମସିହାରେ ସର୍ଦ୍ଦାର ପାଣିକ୍କରଙ୍କ ସୁପାରିଶ କ୍ରମେ ଭାଷାଭିତ୍ତିକ ରାଜ୍ୟ ଆୟୋଗ ଗଠନ ହୋଇଥିଲା।
(ii)	ଏହି ଆୟୋଗରେ ତିନିଜଣ ସଦସ୍ୟ ଥିଲେ।
(iii)	ଫଜଲ ଅଲି, କେ.ଏମ୍.ପାଣିକର ଓ ହୃଦୟନାଥ କୁଞ୍ଜ୍ରୁ ଏହାର ସଦସ୍ୟ ଥିଲେ।
୩.(କ) (i) ଇଲବର୍ଟ ବିଲ୍ ୧୮୮୩ ମସିହା ଫେବ୍ରୁଆରୀ ୨ ତାରିଖରେ ଆଗତ କରାଯାଇଥିଲା।
(ii)	ଏହାକୁ ୟୁରୋପୀୟମାନେ ବିରୋଧ କରିବାରୁ ଭାରତୀୟମାନେ ଅସନ୍ତୁଷ୍ଟ ହୋଇଥିଲେ।
କିମ୍ବା,
(i)	ବିଶ୍ୱକବି ରବୀନ୍ଦ୍ରନାଥ ଠାକୁର ଗାନ୍ଧିଜୀଙ୍କୁ 'ମହାତ୍ମା' ଆଖ୍ୟା ପ୍ରଦାନ କରିଥିଲେ।
(ii)	ଦକ୍ଷିଣ ଆଫ୍ରିକାରେ ଗାନ୍ଧିଜୀଙ୍କ ମହାନ୍ କାର୍ଯ୍ୟ ଯୋଗୁଁ ସେ ଏହି ଆଖ୍ୟା ପ୍ରଦାନ କରିଥିଲେ।
(ଖ)(i) ମହିମା ଧର୍ମର ପ୍ରଧାନ ପ୍ରବର୍ତ୍ତକ ଥିଲେ ମହିମା ଗୋସାମୀ।
(ii)	ଏହାର ମୁଖ୍ୟ ପ୍ରଚାରକ ଥିଲେ ଭୀମ ଭୋଇ।
କିମ୍ବା,
(i)	ବାଲ ଗଙ୍ଗାଧର ତିଲକଙ୍କ ନେତୃତ୍ୱ ସହିତ ତିଲକ ସ୍ୱରାଜ ପାଣ୍ଠି ଗଠନ କରାଯାଇଥିଲା।
(ii)	ଅସହଯୋଗ ଆନ୍ଦୋଳନକୁ ଅର୍ଥ ଯୋଗାଇବା ପାଇଁ ଏହି ପାଣ୍ଠି ଗଠିତ ହୋଇଥିଲା।
(ଗ)(i) ସୁଭାଷଚନ୍ଦ୍ର ବୋଷ ୧୯୪୧ ମସିହା ମାର୍ଚ୍ଚ ୨୫ରେ କାବୁଲରେ ପହଞ୍ଚିଥିଲେ।
(ii)	ସେ ଜର୍ମାନୀରେ 'ସ୍ୱାଧୀନ ଭାରତ କେନ୍ଦ୍ର' ପ୍ରତିଷ୍ଠା କରିଥିଲେ।
କିମ୍ବା,
(i)	ଙ୍ଗରେଜ ସରକାରଙ୍କ ଲବଣ ଆଇନ ଭଙ୍ଗ କରିବା ଦାଣ୍ଡିଯାତ୍ରାର ଉଦ୍ଦେଶ୍ୟ ଥିଲା।
(ii)	ଏହା ସବରମତୀ ଆଶ୍ରମରୁ ଆରମ୍ଭ ହୋଇଥିଲା।
(ଘ)(i) ଅକ୍ଟୋବର ୧୯୫୬ ମସିହାରେ ଏହା ପ୍ରଣୟନ ହୋଇଥିଲା।
(ii)	ମାଡ୍ରାସର ତେଲୁଗୁ ଭାଷାଭାଷୀ ଅଞ୍ଚଳକୁ ନେଇ ଏହା ଗଠିତ ହୋଇଥିଲା।
କିମ୍ବା,
(i)	୧୯୬୯ ମସିହାରେ ଆସାମ ପୁନର୍ଗଠନ ଆଇନ ଅନୁସାରେ ଆସାମ ରାଜ୍ୟ ମଧ୍ୟରେ ମେଘାଲୟକୁ ସ୍ୱୟଂଶାସିତ ରାଜ୍ୟ ମାନ୍ୟତା ମିଳିଲା।
(ii)	୧୯୭୨ ମସିହାରେ ଏହା ପୂର୍ଣ୍ଣ ରାଜ୍ୟର ମାନ୍ୟତା ଲାଭ କଲା।
ଭୂଗୋଳ ଓ ଅର୍ଥନୀତି
୧.(କ) (i) ଜଳସେଚନ କାର୍ଯ୍ୟ, ବିଜୁଳି ଶକ୍ତି ଉତ୍ପାଦନ, ନିମ୍ନଭୂମିରେ ବନ୍ୟା ନିୟନ୍ତ୍ରଣ ଓ ମୃତ୍ତିକା କ୍ଷୟ ରୋକିବା ବହୁମୁଖୀ ନଦୀ ଯୋଜନାର ଉଦ୍ଦେଶ୍ୟ।
(ii)	ଜଳସମ୍ପଦର ସଦୁପଯୋଗ ଏବଂ ବିକାଶ ସହିତ ପରିବେଶ ସୁରକ୍ଷା ଏହାର ମୁଖ୍ୟ ଲକ୍ଷ୍ୟ।
(iii)	ଜଳ ପରିବହନ, ମତ୍ସ୍ୟ ଚାଷ ଓ ପର୍ଯ୍ୟଟନ ଶିଳ୍ପର ବିକାଶ ହୁଏ।
(iv)	ନଦୀ ଉପତ୍ୟକାରେ କୃଷି ଉତ୍ପାଦନ ବୃଦ୍ଧି ପାଇଥାଏ ଓ ଲୋକଙ୍କ ଜୀବନଧାରଣର ମାନ ଉନ୍ନତ ହୁଏ।
କିମ୍ବା,
(i)	ଶକ୍ତି ସମ୍ପଦ ଦେଶର ଶିଳ୍ପାୟନ ଓ ଅର୍ଥନୈତିକ ବିକାଶ ପାଇଁ ଅତ୍ୟନ୍ତ ଜରୁରୀ।
(ii)	ଅଙ୍ଗାର, ପେଟ୍ରୋଲିୟମ, ପ୍ରାକୃତିକ ଗ୍ୟାସ ଓ ଜଳବିଦ୍ୟୁତ ଭାରତର ପ୍ରମୁଖ ଶକ୍ତି ସମ୍ପଦ।
(iii)	ସୌରଶକ୍ତି, ପବନ ଶକ୍ତି ଓ ଜୈବ ଗ୍ୟାସ ଅପାରମ୍ପରିକ ଶକ୍ତି ଉତ୍ସ।
(ଖ)(i) ବୃହତ୍ ଜଳସେଚନ ପ୍ରକଳ୍ପ ଦ୍ୱାରା ୧୦,୦୦୦ ହେକ୍ଟରରୁ ଅଧିକ ଜମିକୁ ଜଳ ଯୋଗାଇ ଦିଆଯାଏ।
(ii)	ଏଥିରେ ନଦୀ ଉପରେ ବନ୍ଧ ନିର୍ମାଣ କରି କେନାଲ ଦ୍ୱାରା ଜଳ ବଣ୍ଟନ କରାଯାଏ।
(iii)	ହୀରାକୁଦ, ଭାକ୍ରା-ନାଙ୍ଗଲ, ଦାମୋଦର ଉପତ୍ୟକା ପ୍ରକଳ୍ପ ଏହାର ଉଦାହରଣ।
(iv)	ଏହା ଦ୍ୱାରା ବର୍ଷସାରା ଚାଷ କରିବା ସମ୍ଭବ ହୁଏ।
କିମ୍ବା,
(i)	ଗହମ ରବି ଫସଲ। ଏହା ଶୀତଦିନେ ଚାଷ କରାଯାଏ।
(ii)	ଉର୍ବର ଦୋଆଁସ ମାଟି ଓ ୫୦ରୁ ୭୫ ସେମି ବୃଷ୍ଟିପାତ ଏହା ପାଇଁ ଉପଯୁକ୍ତ।
(iii)	ଉତ୍ତରପ୍ରଦେଶ, ପଞ୍ଜାବ, ହରିୟାଣା, ମଧ୍ୟପ୍ରଦେଶ ପ୍ରମୁଖ ଗହମ ଉତ୍ପାଦନକାରୀ ରାଜ୍ୟ।
(iv)	ସବୁଜ ବିପ୍ଳବ ପରେ ଗହମ ଉତ୍ପାଦନ ବହୁ ପରିମାଣରେ ବୃଦ୍ଧି ପାଇଛି।
୨.(କ) (i) ଜନସଂଖ୍ୟା ସ୍ଥାନରେ ଓ ଚଳପ୍ରଚଳରେ ଗୋଟିଏ ଭୂମିକା ଅବଚାଳନା ବୃଦ୍ଧି ପାଇଥାଏ।
ଅବଶିଷ୍ଟାଂଶ ପରବର୍ତ୍ତୀ ପୃଷ୍ଠାରେ
